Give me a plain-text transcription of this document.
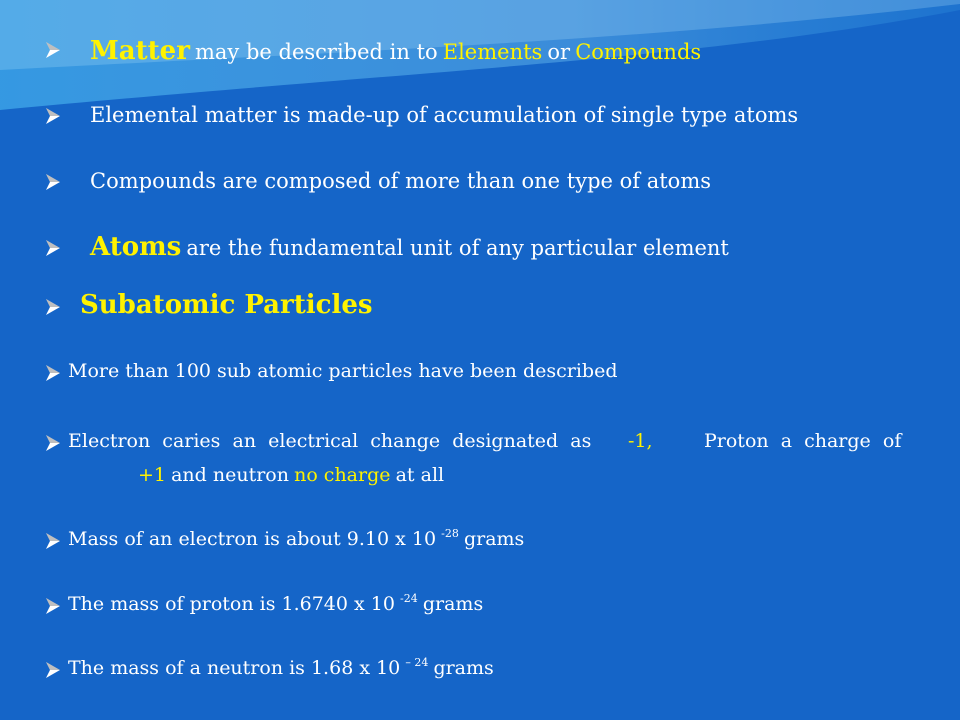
Matter may be described in to Elements or Compounds
Elemental matter is made-up of accumulation of single type atoms
Compounds are composed of more than one type of atoms
Atoms are the fundamental unit of any particular element
Subatomic Particles
More than 100 sub atomic particles have been described
Electron  caries  an  electrical  change  designated  as -1,	Proton  a  charge  of
+1 and neutron no charge at all
Mass of an electron is about 9.10 x 10 $^{-28}$ grams
The mass of proton is 1.6740 x 10 $^{-24}$ grams
The mass of a neutron is 1.68 x 10 $^{- 24}$ grams
